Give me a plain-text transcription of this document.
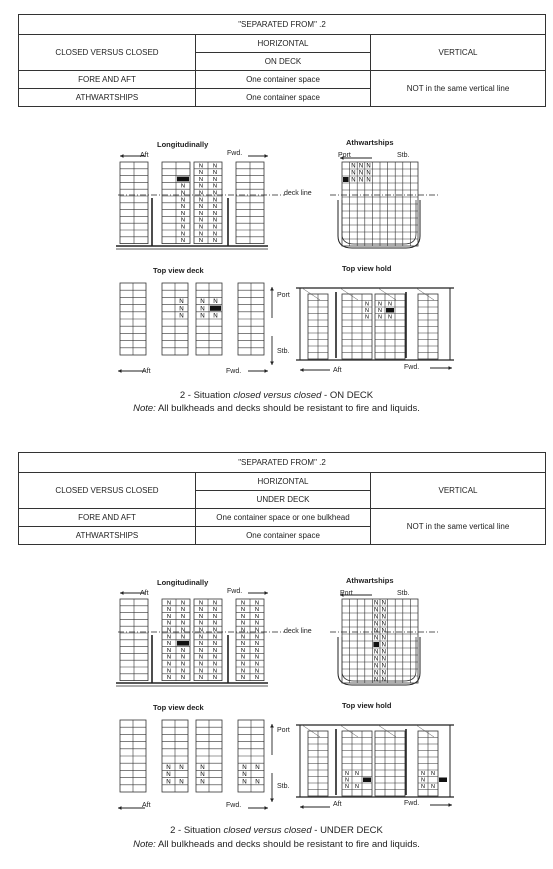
"SEPARATED FROM" .2		
CLOSED VERSUS CLOSED	HORIZONTAL	VERTICAL
	ON DECK	
FORE AND AFT	One container space	NOT in the same vertical line
ATHWARTSHIPS	One container space	
"SEPARATED FROM" .2		
CLOSED VERSUS CLOSED	HORIZONTAL	VERTICAL
	UNDER DECK	
FORE AND AFT	One container space or one bulkhead	NOT in the same vertical line
ATHWARTSHIPS	One container space	
N
N
N
N
N
N
N
N
N
N
N
N
N
N
N
N
N
N
N
N
N
N
N
N
N
N
N
N
N
N
N
N
N
N N N
N N N
N N N
N
N
N
N
N
N
N
N
N
N
N
N
N
N
N
N
N N
N N
N N
N N
N N
N N
N
N N
N N
N N
N N
N N
N N
N N
N N
N N
N N
N N
N N
N N
N N
N N
N N
N N
N N
N N
N N
N N
N N
N N
N N
N N
N N
N N
N N
N N
N N
N N
N N
N N
N N
N N
N
N N
N N
N N
N N
N N
N
N
N
N
N
N
N
N
N
N
N
N
N
N
N
N
N
N
N
N
N
N
N
Longitudinally	Athwartships
Aft	Fwd.	Port	Stb.
deck line
Top view deck	Top view hold
Port
Stb.
Aft	Fwd.	Aft	Fwd.
2 - Situation closed versus closed - ON DECK
Note: All bulkheads and decks should be resistant to fire and liquids.
Longitudinally	Athwartships
Aft	Fwd.	Port	Stb.
deck line
Top view deck	Top view hold
Port
Stb.
Aft	Fwd.	Aft	Fwd.
2 - Situation closed versus closed - UNDER DECK
Note: All bulkheads and decks should be resistant to fire and liquids.
